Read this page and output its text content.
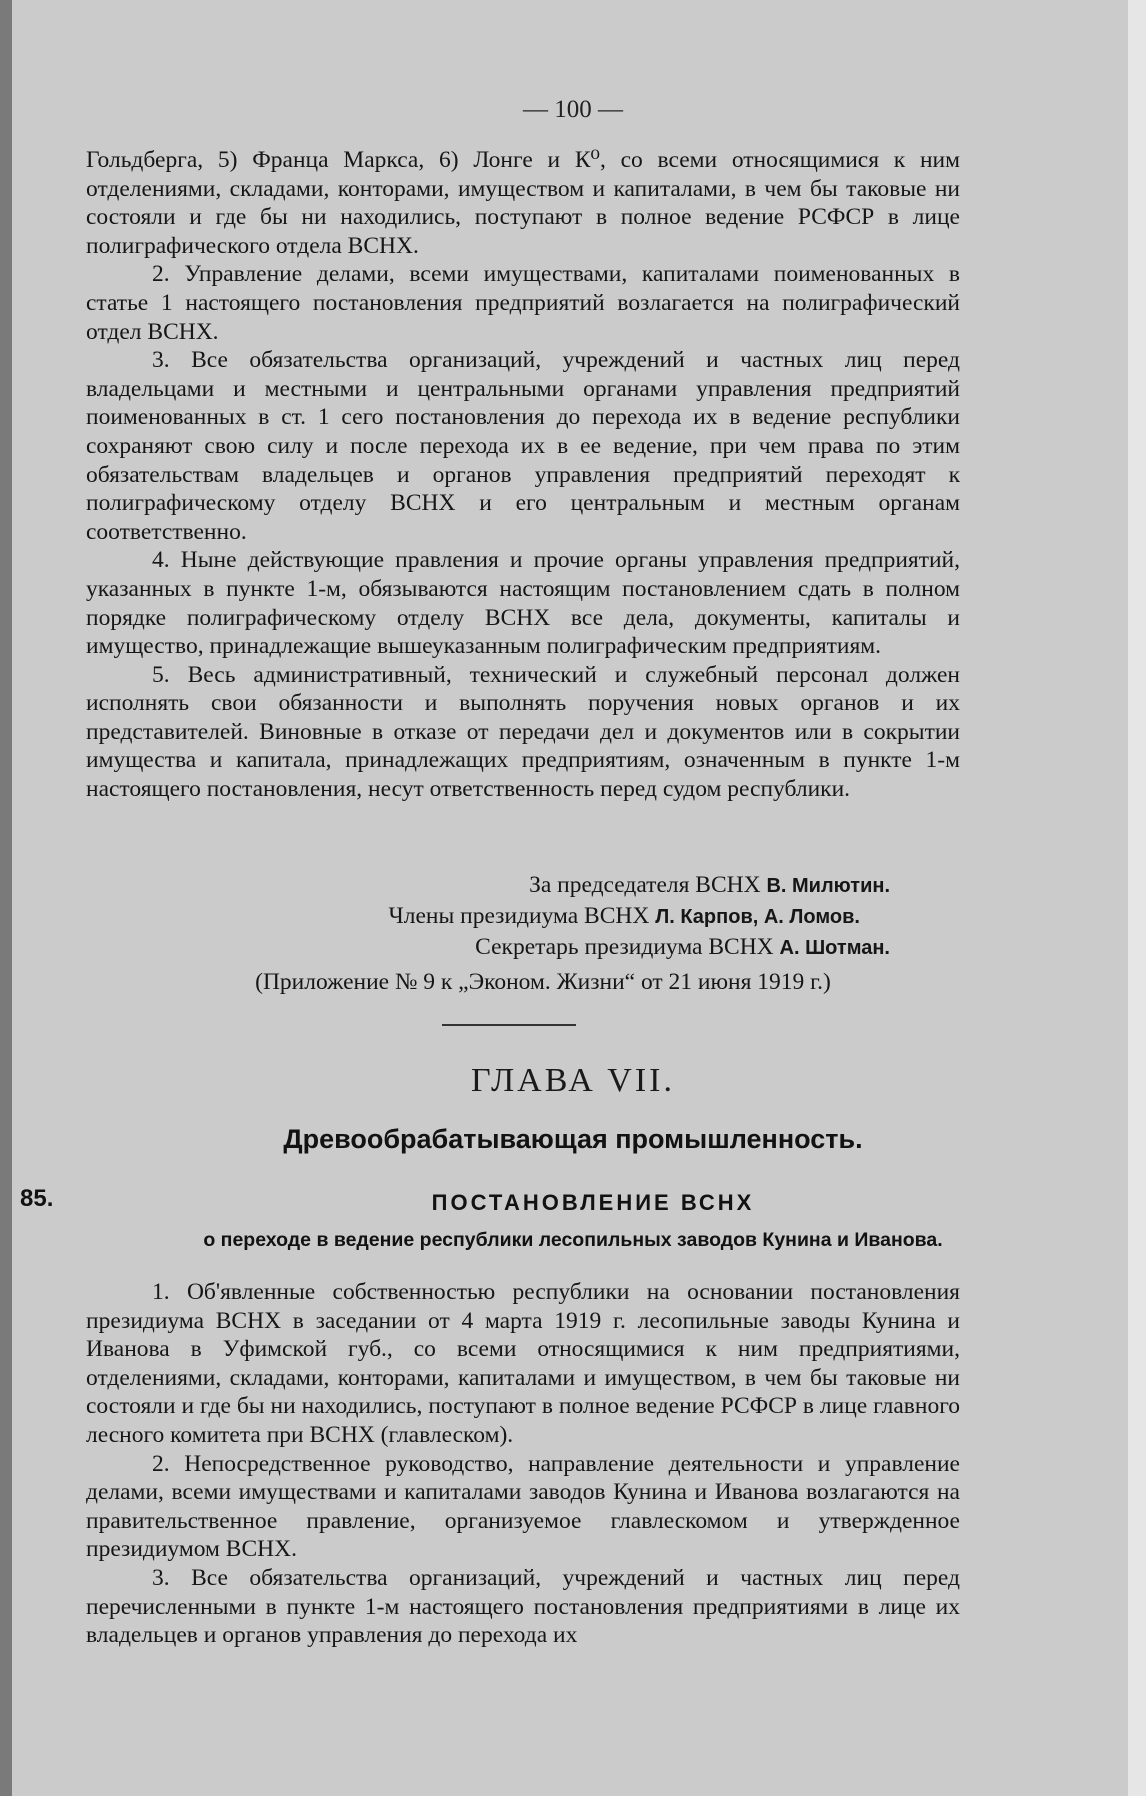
— 100 —

Гольдберга, 5) Франца Маркса, 6) Лонге и К⁰, со всеми относящимися к ним отделениями, складами, конторами, имуществом и капиталами, в чем бы таковые ни состояли и где бы ни находились, поступают в полное ведение РСФСР в лице полиграфического отдела ВСНХ.

2. Управление делами, всеми имуществами, капиталами поименованных в статье 1 настоящего постановления предприятий возлагается на полиграфический отдел ВСНХ.

3. Все обязательства организаций, учреждений и частных лиц перед владельцами и местными и центральными органами управления предприятий поименованных в ст. 1 сего постановления до перехода их в ведение республики сохраняют свою силу и после перехода их в ее ведение, при чем права по этим обязательствам владельцев и органов управления предприятий переходят к полиграфическому отделу ВСНХ и его центральным и местным органам соответственно.

4. Ныне действующие правления и прочие органы управления предприятий, указанных в пункте 1-м, обязываются настоящим постановлением сдать в полном порядке полиграфическому отделу ВСНХ все дела, документы, капиталы и имущество, принадлежащие вышеуказанным полиграфическим предприятиям.

5. Весь административный, технический и служебный персонал должен исполнять свои обязанности и выполнять поручения новых органов и их представителей. Виновные в отказе от передачи дел и документов или в сокрытии имущества и капитала, принадлежащих предприятиям, означенным в пункте 1-м настоящего постановления, несут ответственность перед судом республики.

За председателя ВСНХ В. Милютин.
Члены президиума ВСНХ Л. Карпов, А. Ломов.
Секретарь президиума ВСНХ А. Шотман.
(Приложение № 9 к „Эконом. Жизни“ от 21 июня 1919 г.)
ГЛАВА VII.
Древообрабатывающая промышленность.
85.	ПОСТАНОВЛЕНИЕ ВСНХ
о переходе в ведение республики лесопильных заводов Кунина и Иванова.

1. Об'явленные собственностью республики на основании постановления президиума ВСНХ в заседании от 4 марта 1919 г. лесопильные заводы Кунина и Иванова в Уфимской губ., со всеми относящимися к ним предприятиями, отделениями, складами, конторами, капиталами и имуществом, в чем бы таковые ни состояли и где бы ни находились, поступают в полное ведение РСФСР в лице главного лесного комитета при ВСНХ (главлеском).

2. Непосредственное руководство, направление деятельности и управление делами, всеми имуществами и капиталами заводов Кунина и Иванова возлагаются на правительственное правление, организуемое главлескомом и утвержденное президиумом ВСНХ.

3. Все обязательства организаций, учреждений и частных лиц перед перечисленными в пункте 1-м настоящего постановления предприятиями в лице их владельцев и органов управления до перехода их
